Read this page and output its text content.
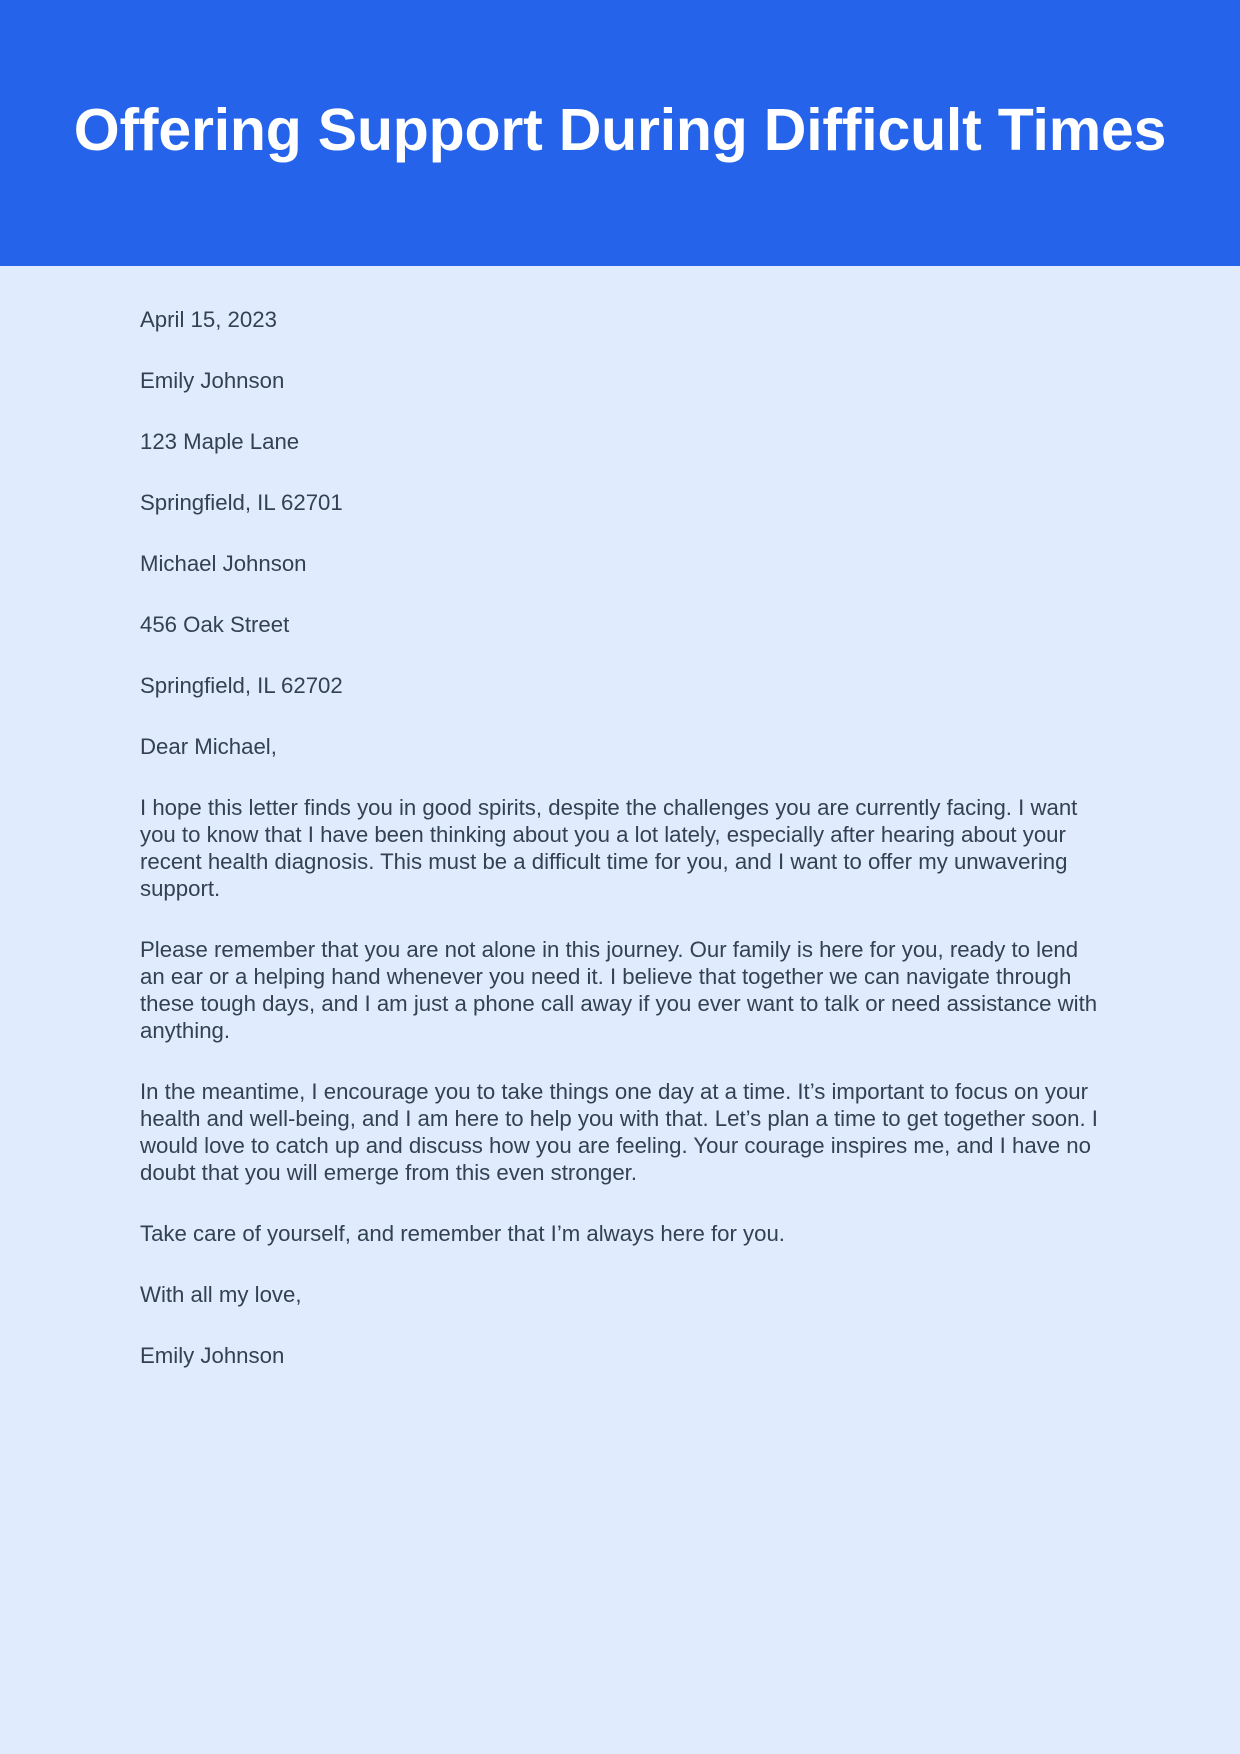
Offering Support During Difficult Times

April 15, 2023

Emily Johnson

123 Maple Lane

Springfield, IL 62701

Michael Johnson

456 Oak Street

Springfield, IL 62702

Dear Michael,

I hope this letter finds you in good spirits, despite the challenges you are currently facing. I want you to know that I have been thinking about you a lot lately, especially after hearing about your recent health diagnosis. This must be a difficult time for you, and I want to offer my unwavering support.

Please remember that you are not alone in this journey. Our family is here for you, ready to lend an ear or a helping hand whenever you need it. I believe that together we can navigate through these tough days, and I am just a phone call away if you ever want to talk or need assistance with anything.

In the meantime, I encourage you to take things one day at a time. It’s important to focus on your health and well-being, and I am here to help you with that. Let’s plan a time to get together soon. I would love to catch up and discuss how you are feeling. Your courage inspires me, and I have no doubt that you will emerge from this even stronger.

Take care of yourself, and remember that I’m always here for you.

With all my love,

Emily Johnson
